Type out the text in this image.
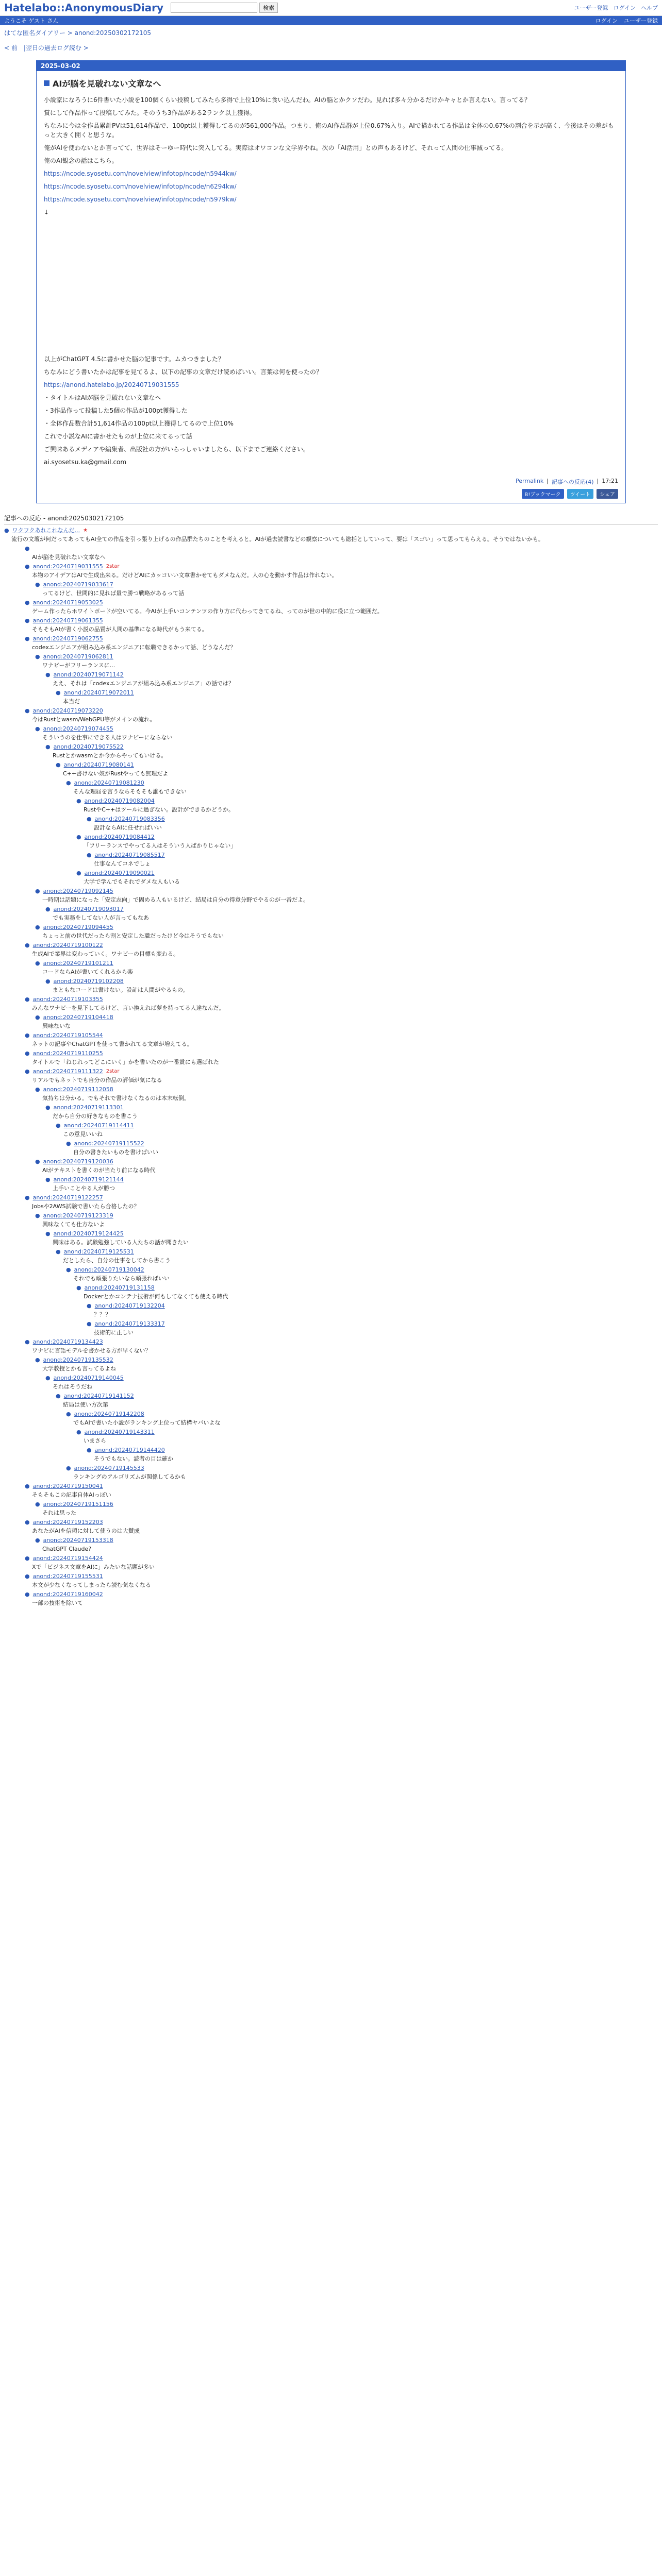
Hatelabo::AnonymousDiary	検索	ユーザー登録 ログイン ヘルプ
ようこそ ゲスト さん	ログイン ユーザー登録
はてな匿名ダイアリー > anond:20250302172105
< 前 |翌日の過去ログ読む >
2025-03-02
AIが脳を見破れない文章なへ

小説家になろうに6件書いた小説を100個くらい投稿してみたら多得で上位10%に食い込んだわ。AIの脳とかクソだわ。見れば多々分かるだけかキャとか言えない。言ってる？

賞にして作品作って投稿してみた。そのうち3作品がある2ランク以上獲得。

ちなみに今は全作品累計PVは51,614作品で、100pt以上獲得してるのが561,000作品。つまり、俺のAI作品群が上位0.67%入り。AIで描かれてる作品は全体の0.67%の割合を示が高く、今後はその差がもっと大きく開くと思うな。

俺がAIを使わないとか言ってて、世界はそーゆー時代に突入してる。実際はオワコンな文学界やね。次の「AI活用」との声もあるけど、それって人間の仕事減ってる。

俺のAI観念の話はこちら。

https://ncode.syosetu.com/novelview/infotop/ncode/n5944kw/

https://ncode.syosetu.com/novelview/infotop/ncode/n6294kw/

https://ncode.syosetu.com/novelview/infotop/ncode/n5979kw/

↓

以上がChatGPT 4.5に書かせた脳の記事です。ムカつきました？

ちなみにどう書いたかは記事を見てるよ、以下の記事の文章だけ読めばいい。言葉は何を使ったの？

https://anond.hatelabo.jp/20240719031555

・タイトルはAIが脳を見破れない文章なへ

・3作品作って投稿した5個の作品が100pt獲得した

・全体作品数合計51,614作品の100pt以上獲得してるので上位10%

これで小説なAIに書かせたものが上位に来てるって話

ご興味あるメディアや編集者、出版社の方がいらっしゃいましたら、以下までご連絡ください。

ai.syosetsu.ka@gmail.com

Permalink | 記事への反応(4) | 17:21
B!ブックマーク	ツイート	シェア
記事への反応 - anond:20250302172105
● ワクワクあれこれなんだ... ★
流行の文壇が何だってあってもAI全ての作品を引っ張り上げるの作品群たちのことを考えると。AIが過去読書などの観察についても総括としていって、要は「スゴい」って思ってもらえる。そうではないかも。
●
AIが脳を見破れない文章なへ
● anond:20240719031555 2star
本物のアイデアはAIで生成出来る。だけどAIにカッコいい文章書かせてもダメなんだ。人の心を動かす作品は作れない。
● anond:20240719033617
ってるけど、世間的に見れば量で勝つ戦略があるって話
● anond:20240719053025
ゲーム作ったらホワイトボードが空いてる。今AIが上手いコンテンツの作り方に代わってきてるね、ってのが世の中的に役に立つ範囲だ。
● anond:20240719061355
そもそもAIが書く小説の品質が人間の基準になる時代がもう来てる。
● anond:20240719062755
codexエンジニアが組み込み系エンジニアに転職できるかって話、どうなんだ？
● anond:20240719062811
ワナビーがフリーランスに...
● anond:20240719071142
ええ、それは「codexエンジニアが組み込み系エンジニア」の話では？
● anond:20240719072011
本当だ
● anond:20240719073220
今はRustとwasm/WebGPU等がメインの流れ。
● anond:20240719074455
そういうのを仕事にできる人はワナビーにならない
● anond:20240719075522
Rustとかwasmとか今からやってもいける。
● anond:20240719080141
C++書けない奴がRustやっても無理だよ
● anond:20240719081230
そんな理屈を言うならそもそも誰もできない
● anond:20240719082004
RustやC++はツールに過ぎない。設計ができるかどうか。
● anond:20240719083356
設計ならAIに任せればいい
● anond:20240719084412
「フリーランスでやってる人はそういう人ばかりじゃない」
● anond:20240719085517
仕事なんてコネでしょ
● anond:20240719090021
大学で学んでもそれでダメな人もいる
● anond:20240719092145
一時期は話題になった「安定志向」で固める人もいるけど、結局は自分の得意分野でやるのが一番だよ。
● anond:20240719093017
でも実務をしてない人が言ってもなあ
● anond:20240719094455
ちょっと前の世代だったら割と安定した職だったけど今はそうでもない
● anond:20240719100122
生成AIで業界は変わっていく。ワナビーの目標も変わる。
● anond:20240719101211
コードならAIが書いてくれるから楽
● anond:20240719102208
まともなコードは書けない。設計は人間がやるもの。
● anond:20240719103355
みんなワナビーを見下してるけど、言い換えれば夢を持ってる人達なんだ。
● anond:20240719104418
興味ないな
● anond:20240719105544
ネットの記事やChatGPTを使って書かれてる文章が増えてる。
● anond:20240719110255
タイトルで「ねじれってどこにいく」かを書いたのが一番賞にも選ばれた
● anond:20240719111322 2star
リアルでもネットでも自分の作品の評価が気になる
● anond:20240719112058
気持ちは分かる。でもそれで書けなくなるのは本末転倒。
● anond:20240719113301
だから自分の好きなものを書こう
● anond:20240719114411
この意見いいね
● anond:20240719115522
自分の書きたいものを書けばいい
● anond:20240719120036
AIがテキストを書くのが当たり前になる時代
● anond:20240719121144
上手いことやる人が勝つ
● anond:20240719122257
Jobsや2AWS試験で書いたら合格したの？
● anond:20240719123319
興味なくても仕方ないよ
● anond:20240719124425
興味はある。試験勉強している人たちの話が聞きたい
● anond:20240719125531
だとしたら、自分の仕事をしてから書こう
● anond:20240719130042
それでも頑張りたいなら頑張ればいい
● anond:20240719131158
Dockerとかコンテナ技術が何もしてなくても使える時代
● anond:20240719132204
？？？
● anond:20240719133317
技術的に正しい
● anond:20240719134423
ワナビに言語モデルを書かせる方が早くない？
● anond:20240719135532
大学教授とかも言ってるよね
● anond:20240719140045
それはそうだね
● anond:20240719141152
結局は使い方次第
● anond:20240719142208
でもAIで書いた小説がランキング上位って結構ヤバいよな
● anond:20240719143311
いまさら
● anond:20240719144420
そうでもない。読者の目は確か
● anond:20240719145533
ランキングのアルゴリズムが関係してるかも
● anond:20240719150041
そもそもこの記事自体AIっぽい
● anond:20240719151156
それは思った
● anond:20240719152203
あなたがAIを信頼に対して使うのは大賛成
● anond:20240719153318
ChatGPT Claude?
● anond:20240719154424
Xで「ビジネス文章をAIに」みたいな話題が多い
● anond:20240719155531
本文が少なくなってしまったら読む気なくなる
● anond:20240719160042
一部の技術を除いて
